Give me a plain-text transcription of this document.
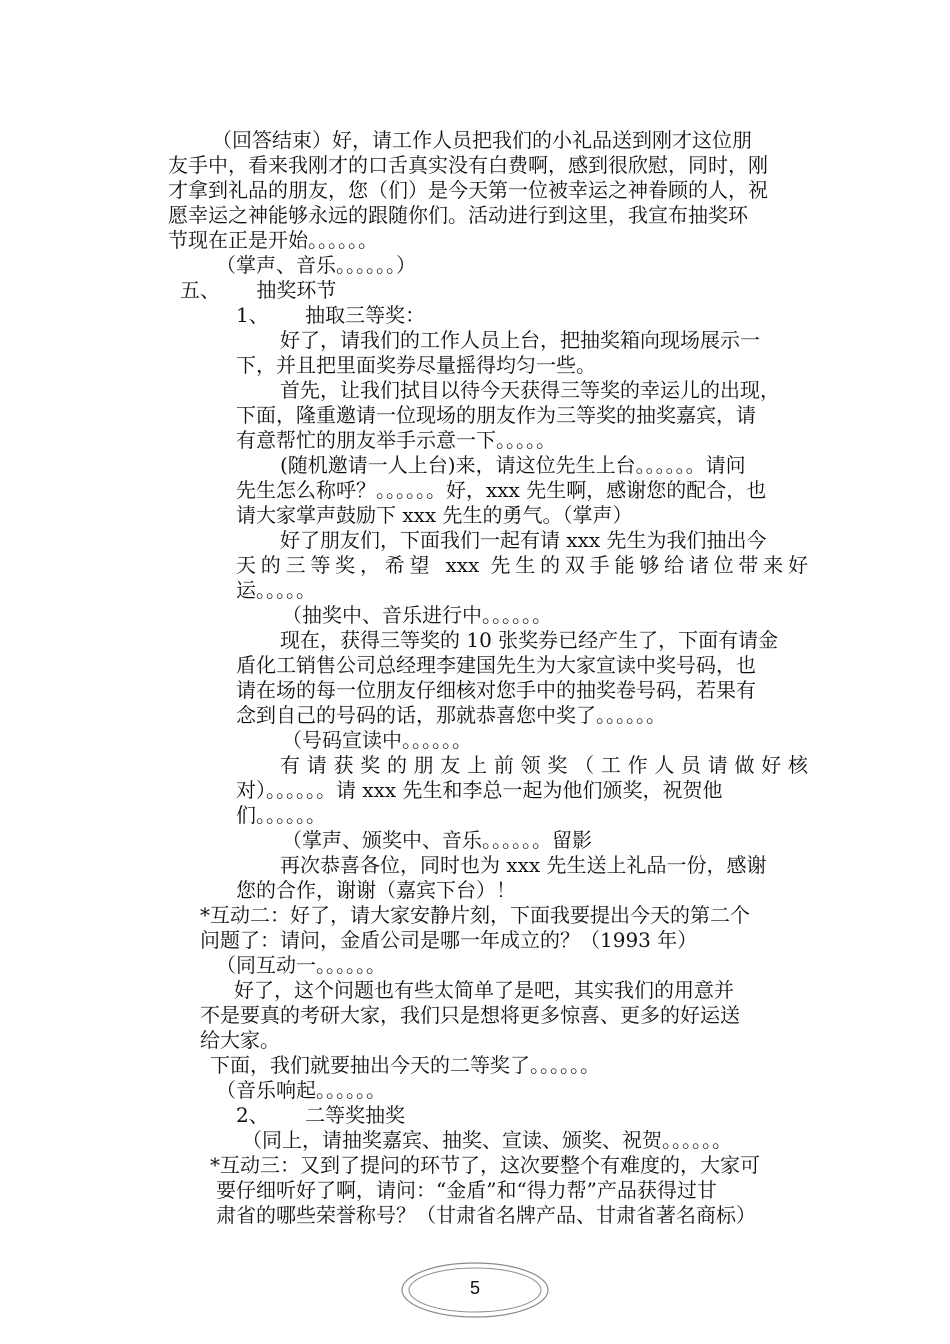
（回答结束）好，请工作人员把我们的小礼品送到刚才这位朋
友手中，看来我刚才的口舌真实没有白费啊，感到很欣慰，同时，刚
才拿到礼品的朋友，您（们）是今天第一位被幸运之神眷顾的人，祝
愿幸运之神能够永远的跟随你们。活动进行到这里，我宣布抽奖环
节现在正是开始。。。。。。
（掌声、音乐。。。。。。）
五、 抽奖环节
1、 抽取三等奖：
好了，请我们的工作人员上台，把抽奖箱向现场展示一
下，并且把里面奖券尽量摇得均匀一些。
首先，让我们拭目以待今天获得三等奖的幸运儿的出现，
下面，隆重邀请一位现场的朋友作为三等奖的抽奖嘉宾，请
有意帮忙的朋友举手示意一下。。。。。
(随机邀请一人上台)来，请这位先生上台。。。。。。请问
先生怎么称呼？。。。。。。好，xxx 先生啊，感谢您的配合，也
请大家掌声鼓励下 xxx 先生的勇气。（掌声）
好了朋友们，下面我们一起有请 xxx 先生为我们抽出今
天的三等奖，希望 xxx 先生的双手能够给诸位带来好
运。。。。。
（抽奖中、音乐进行中。。。。。。
现在，获得三等奖的 10 张奖券已经产生了，下面有请金
盾化工销售公司总经理李建国先生为大家宣读中奖号码，也
请在场的每一位朋友仔细核对您手中的抽奖卷号码，若果有
念到自己的号码的话，那就恭喜您中奖了。。。。。。
（号码宣读中。。。。。。
有请获奖的朋友上前领奖（工作人员请做好核
对）。。。。。。请 xxx 先生和李总一起为他们颁奖，祝贺他
们。。。。。。
（掌声、颁奖中、音乐。。。。。。留影
再次恭喜各位，同时也为 xxx 先生送上礼品一份，感谢
您的合作，谢谢（嘉宾下台）！
*互动二：好了，请大家安静片刻，下面我要提出今天的第二个
问题了：请问，金盾公司是哪一年成立的？（1993 年）
（同互动一。。。。。。
好了，这个问题也有些太简单了是吧，其实我们的用意并
不是要真的考研大家，我们只是想将更多惊喜、更多的好运送
给大家。
下面，我们就要抽出今天的二等奖了。。。。。。
（音乐响起。。。。。。
2、 二等奖抽奖
（同上，请抽奖嘉宾、抽奖、宣读、颁奖、祝贺。。。。。。
*互动三：又到了提问的环节了，这次要整个有难度的，大家可
要仔细听好了啊，请问：“金盾”和“得力帮”产品获得过甘
肃省的哪些荣誉称号？（甘肃省名牌产品、甘肃省著名商标）
5
